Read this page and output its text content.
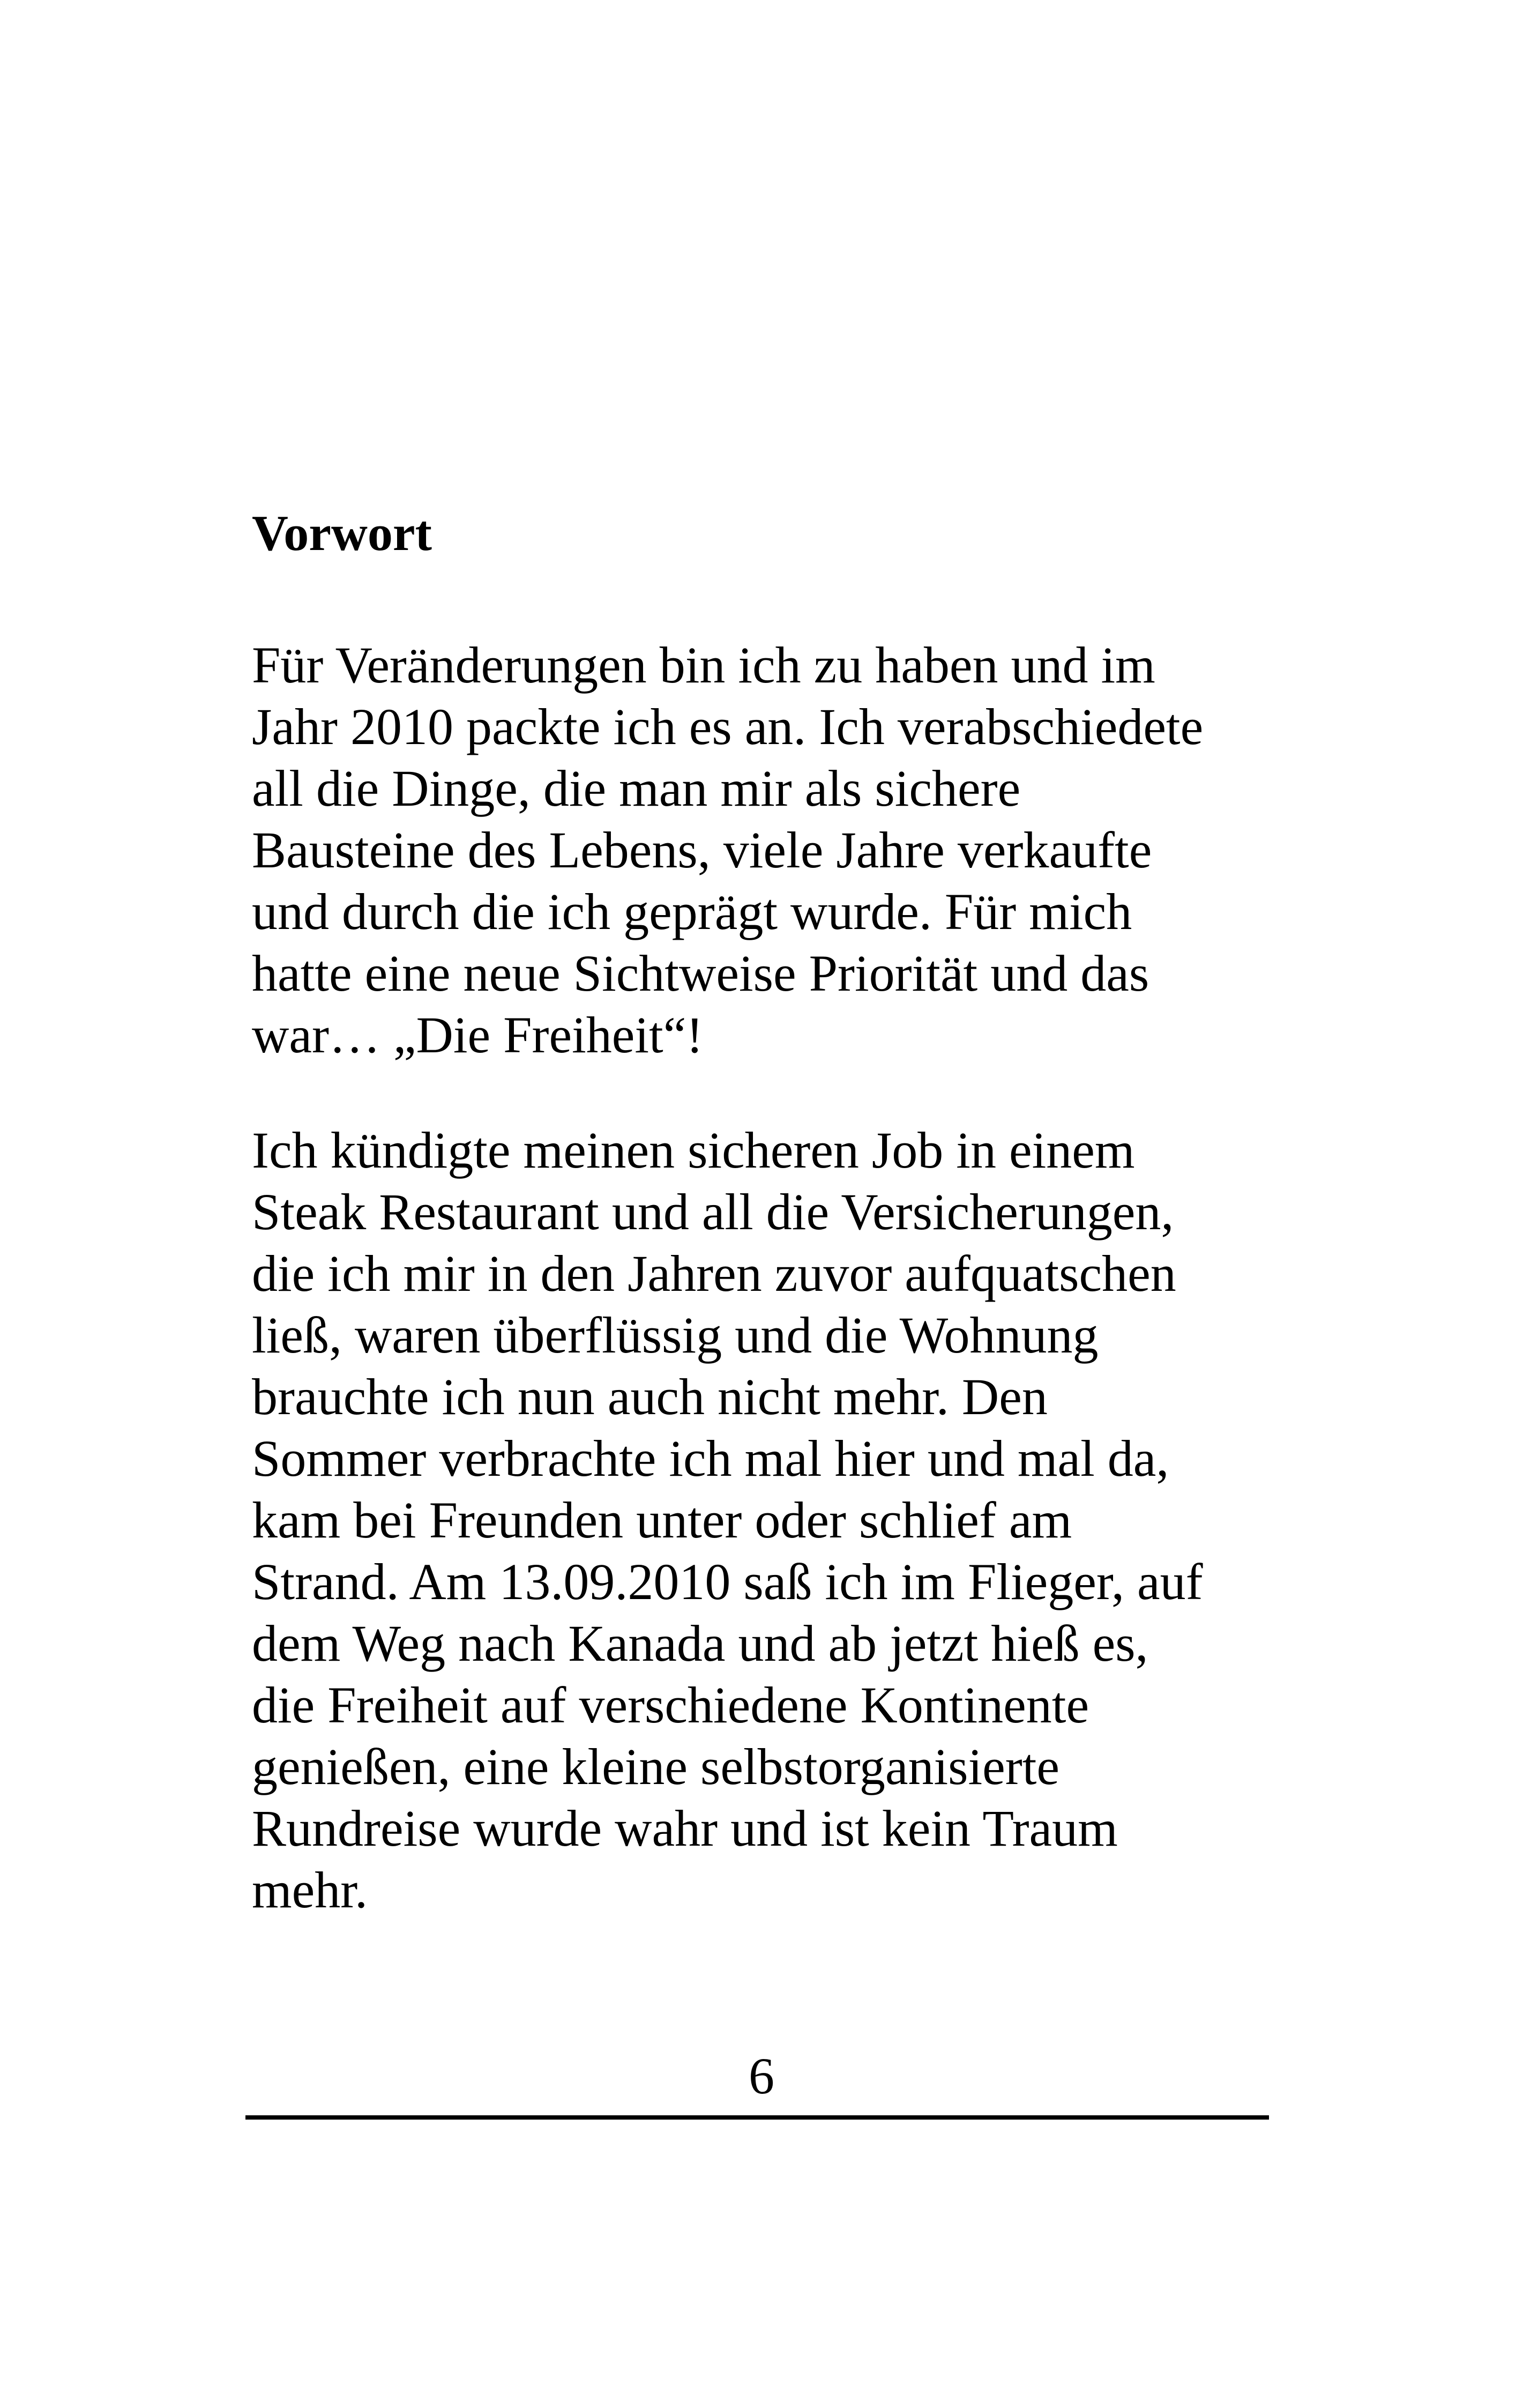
Vorwort

Für Veränderungen bin ich zu haben und im
Jahr 2010 packte ich es an. Ich verabschiedete
all die Dinge, die man mir als sichere
Bausteine des Lebens, viele Jahre verkaufte
und durch die ich geprägt wurde. Für mich
hatte eine neue Sichtweise Priorität und das
war… „Die Freiheit“!

Ich kündigte meinen sicheren Job in einem
Steak Restaurant und all die Versicherungen,
die ich mir in den Jahren zuvor aufquatschen
ließ, waren überflüssig und die Wohnung
brauchte ich nun auch nicht mehr. Den
Sommer verbrachte ich mal hier und mal da,
kam bei Freunden unter oder schlief am
Strand. Am 13.09.2010 saß ich im Flieger, auf
dem Weg nach Kanada und ab jetzt hieß es,
die Freiheit auf verschiedene Kontinente
genießen, eine kleine selbstorganisierte
Rundreise wurde wahr und ist kein Traum
mehr.

6
